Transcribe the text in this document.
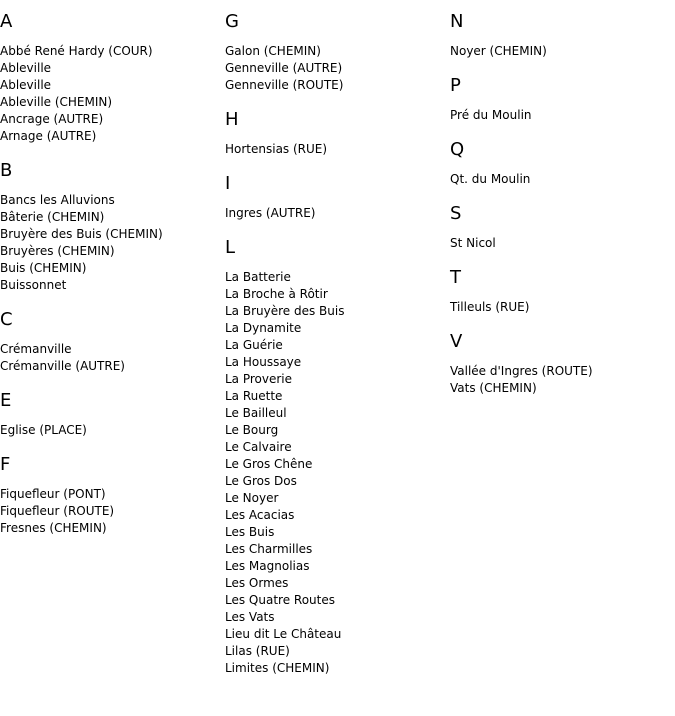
A
Abbé René Hardy (COUR)
Ableville
Ableville
Ableville (CHEMIN)
Ancrage (AUTRE)
Arnage (AUTRE)
B
Bancs les Alluvions
Bâterie (CHEMIN)
Bruyère des Buis (CHEMIN)
Bruyères (CHEMIN)
Buis (CHEMIN)
Buissonnet
C
Crémanville
Crémanville (AUTRE)
E
Eglise (PLACE)
F
Fiquefleur (PONT)
Fiquefleur (ROUTE)
Fresnes (CHEMIN)
G
Galon (CHEMIN)
Genneville (AUTRE)
Genneville (ROUTE)
H
Hortensias (RUE)
I
Ingres (AUTRE)
L
La Batterie
La Broche à Rôtir
La Bruyère des Buis
La Dynamite
La Guérie
La Houssaye
La Proverie
La Ruette
Le Bailleul
Le Bourg
Le Calvaire
Le Gros Chêne
Le Gros Dos
Le Noyer
Les Acacias
Les Buis
Les Charmilles
Les Magnolias
Les Ormes
Les Quatre Routes
Les Vats
Lieu dit Le Château
Lilas (RUE)
Limites (CHEMIN)
N
Noyer (CHEMIN)
P
Pré du Moulin
Q
Qt. du Moulin
S
St Nicol
T
Tilleuls (RUE)
V
Vallée d'Ingres (ROUTE)
Vats (CHEMIN)
